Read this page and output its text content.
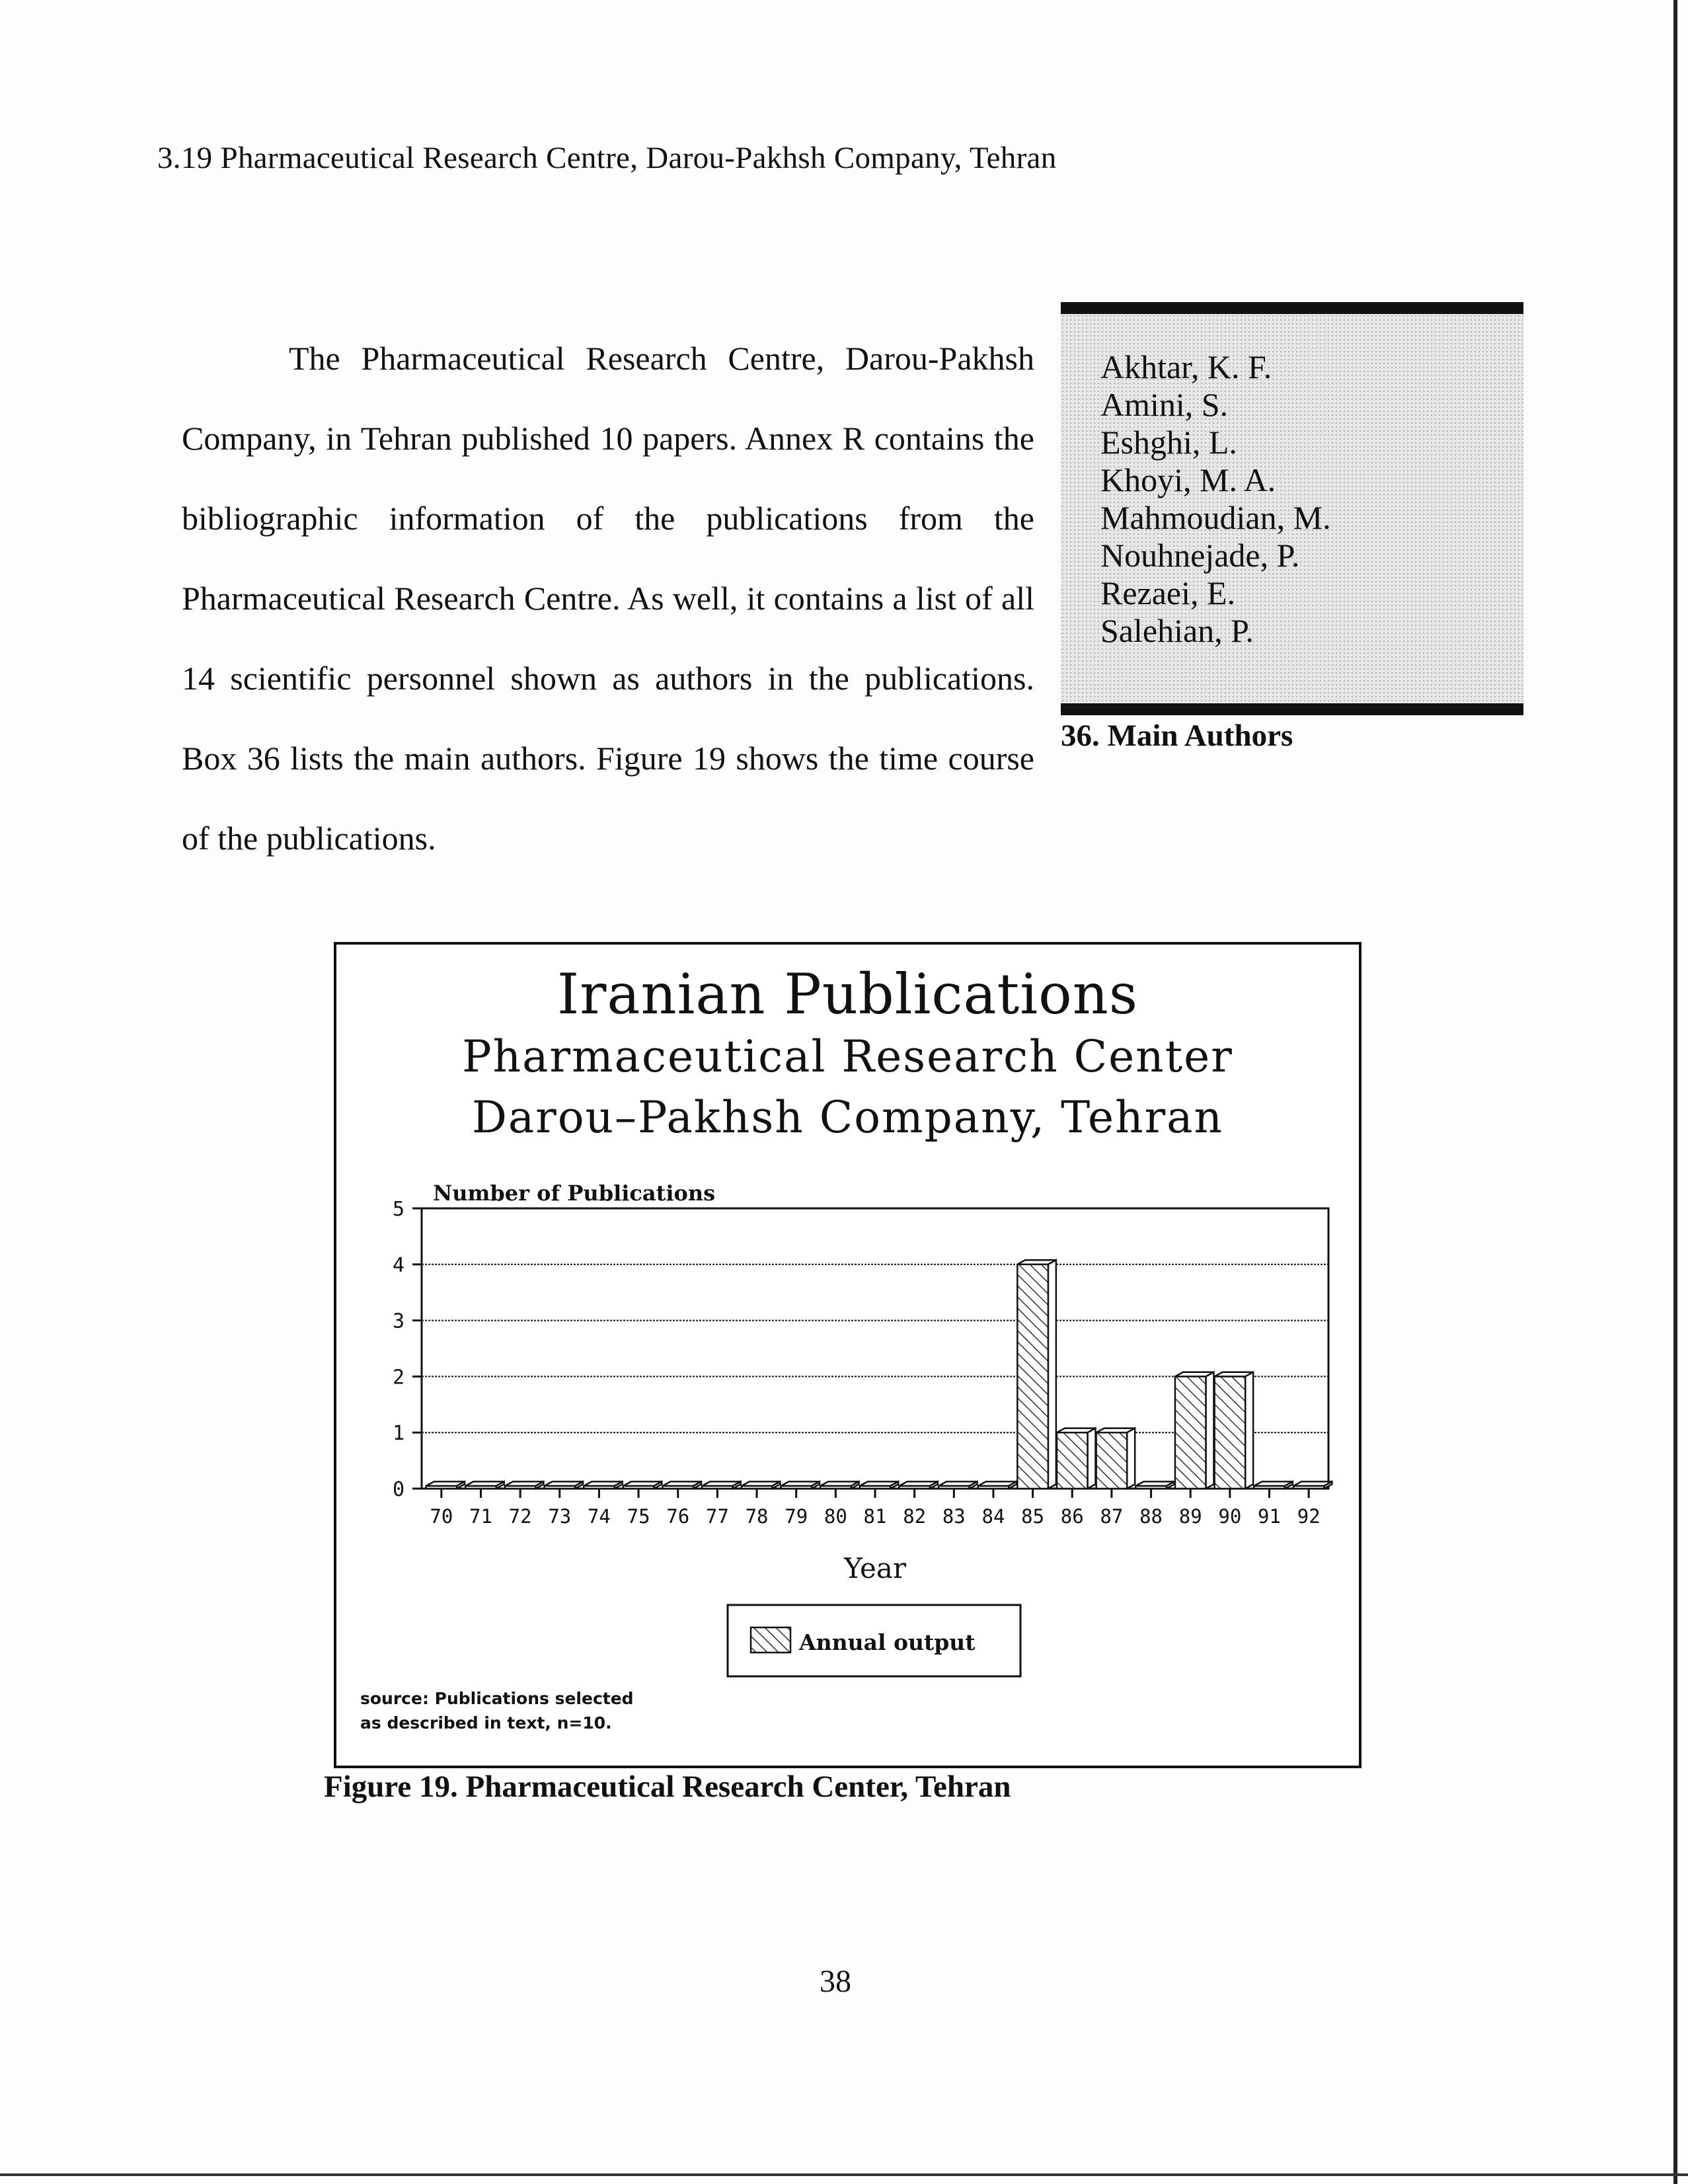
3.19 Pharmaceutical Research Centre, Darou-Pakhsh Company, Tehran

The Pharmaceutical Research Centre, Darou-Pakhsh Company, in Tehran published 10 papers. Annex R contains the bibliographic information of the publications from the Pharmaceutical Research Centre. As well, it contains a list of all 14 scientific personnel shown as authors in the publications. Box 36 lists the main authors. Figure 19 shows the time course of the publications.

Akhtar, K. F.
Amini, S.
Eshghi, L.
Khoyi, M. A.
Mahmoudian, M.
Nouhnejade, P.
Rezaei, E.
Salehian, P.
36. Main Authors
Iranian Publications
Pharmaceutical Research Center
Darou–Pakhsh Company, Tehran
0
1
2
3
4
5
Number of Publications
70 71 72 73 74 75 76 77 78 79 80 81 82 83 84 85 86 87 88 89 90 91 92
Year
Annual output
source: Publications selected
as described in text, n=10.
Figure 19. Pharmaceutical Research Center, Tehran
38
